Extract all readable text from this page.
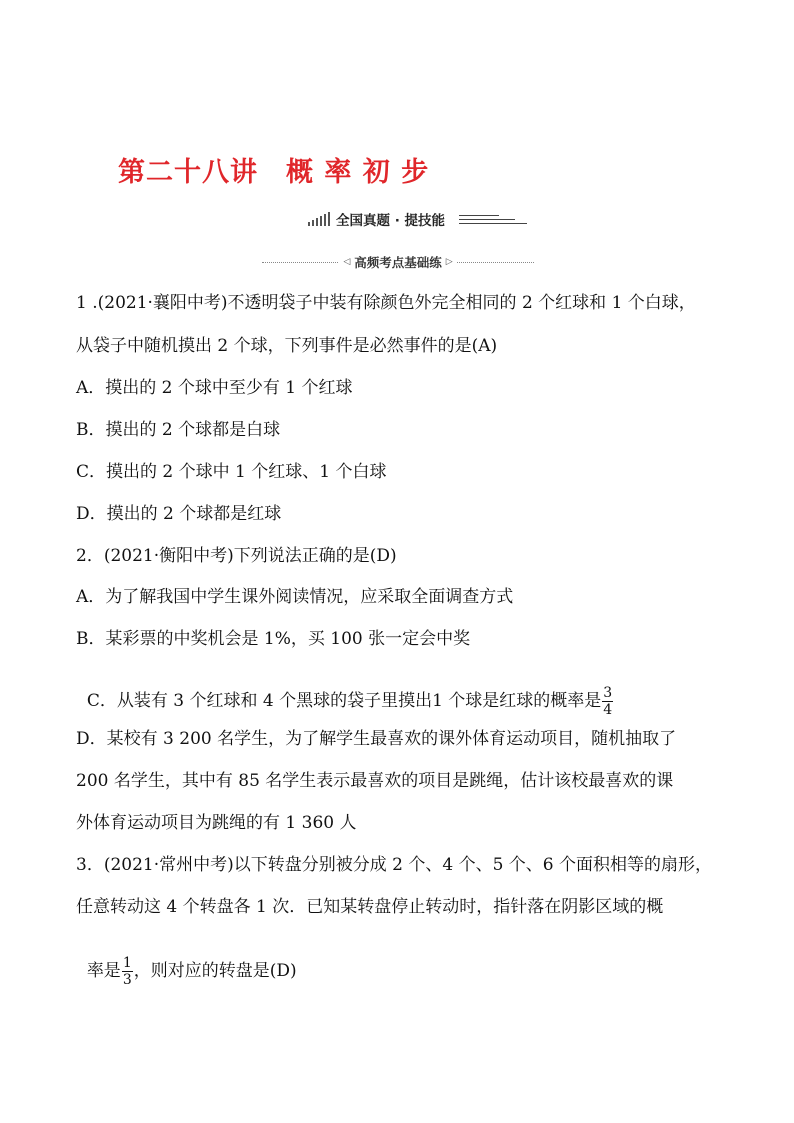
第二十八讲　概 率 初 步
全国真题 · 提技能
◁ 高频考点基础练 ▷
1 .(2021·襄阳中考)不透明袋子中装有除颜色外完全相同的 2 个红球和 1 个白球，
从袋子中随机摸出 2 个球，下列事件是必然事件的是(A)
A．摸出的 2 个球中至少有 1 个红球
B．摸出的 2 个球都是白球
C．摸出的 2 个球中 1 个红球、1 个白球
D．摸出的 2 个球都是红球
2．(2021·衡阳中考)下列说法正确的是(D)
A．为了解我国中学生课外阅读情况，应采取全面调查方式
B．某彩票的中奖机会是 1%，买 100 张一定会中奖

C．从装有 3 个红球和 4 个黑球的袋子里摸出1 个球是红球的概率是 $\frac{3}{4}$

D．某校有 3 200 名学生，为了解学生最喜欢的课外体育运动项目，随机抽取了
200 名学生，其中有 85 名学生表示最喜欢的项目是跳绳，估计该校最喜欢的课
外体育运动项目为跳绳的有 1 360 人
3．(2021·常州中考)以下转盘分别被分成 2 个、4 个、5 个、6 个面积相等的扇形，
任意转动这 4 个转盘各 1 次．已知某转盘停止转动时，指针落在阴影区域的概

率是 $\frac{1}{3}$ ，则对应的转盘是(D)
